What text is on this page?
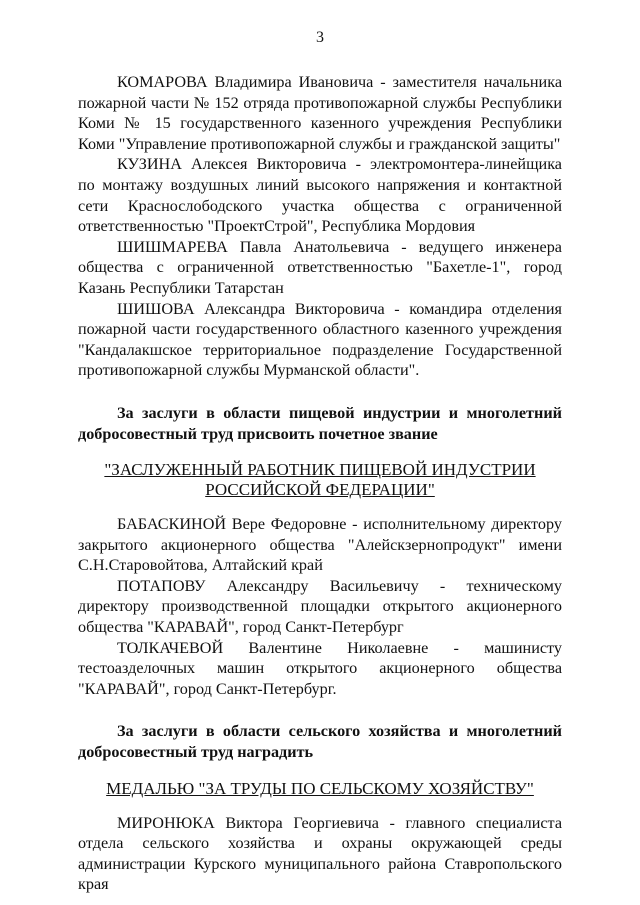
3
КОМАРОВА Владимира Ивановича - заместителя начальника
пожарной части № 152 отряда противопожарной службы Республики
Коми № 15 государственного казенного учреждения Республики
Коми "Управление противопожарной службы и гражданской защиты"
КУЗИНА Алексея Викторовича - электромонтера-линейщика
по монтажу воздушных линий высокого напряжения и контактной
сети Краснослободского участка общества с ограниченной
ответственностью "ПроектСтрой", Республика Мордовия
ШИШМАРЕВА Павла Анатольевича - ведущего инженера
общества с ограниченной ответственностью "Бахетле-1", город
Казань Республики Татарстан
ШИШОВА Александра Викторовича - командира отделения
пожарной части государственного областного казенного учреждения
"Кандалакшское территориальное подразделение Государственной
противопожарной службы Мурманской области".
За заслуги в области пищевой индустрии и многолетний
добросовестный труд присвоить почетное звание
"ЗАСЛУЖЕННЫЙ РАБОТНИК ПИЩЕВОЙ ИНДУСТРИИ
РОССИЙСКОЙ ФЕДЕРАЦИИ"
БАБАСКИНОЙ Вере Федоровне - исполнительному директору
закрытого акционерного общества "Алейскзернопродукт" имени
С.Н.Старовойтова, Алтайский край
ПОТАПОВУ Александру Васильевичу - техническому
директору производственной площадки открытого акционерного
общества "КАРАВАЙ", город Санкт-Петербург
ТОЛКАЧЕВОЙ Валентине Николаевне - машинисту
тестоазделочных машин открытого акционерного общества
"КАРАВАЙ", город Санкт-Петербург.
За заслуги в области сельского хозяйства и многолетний
добросовестный труд наградить
МЕДАЛЬЮ "ЗА ТРУДЫ ПО СЕЛЬСКОМУ ХОЗЯЙСТВУ"
МИРОНЮКА Виктора Георгиевича - главного специалиста
отдела сельского хозяйства и охраны окружающей среды
администрации Курского муниципального района Ставропольского
края
